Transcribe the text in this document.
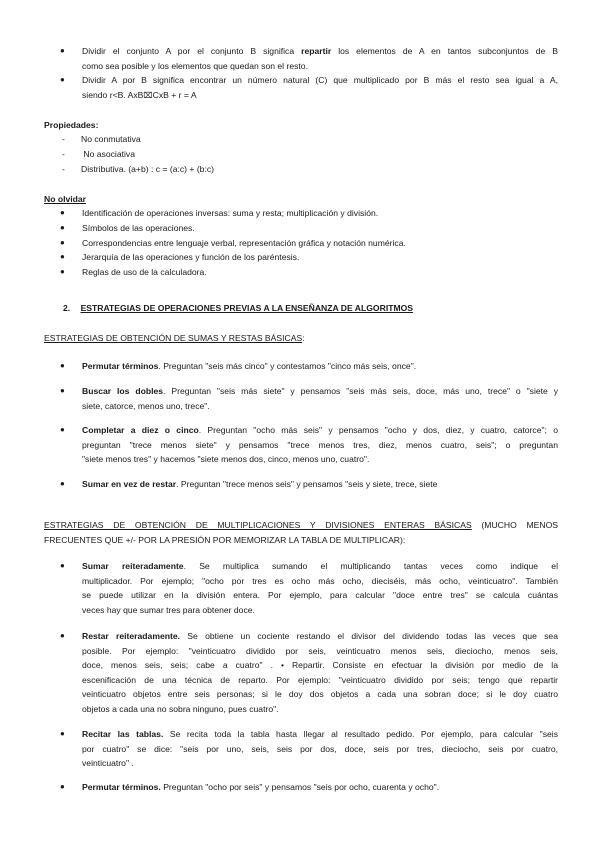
● Dividir el conjunto A por el conjunto B significa repartir los elementos de A en tantos subconjuntos de B
como sea posible y los elementos que quedan son el resto.
● Dividir A por B significa encontrar un número natural (C) que multiplicado por B más el resto sea igual a A,
siendo r<B. AxB⌧CxB + r = A
Propiedades:
- No conmutativa
- No asociativa
- Distributiva. (a+b) : c = (a:c) + (b:c)
No olvidar
● Identificación de operaciones inversas: suma y resta; multiplicación y división.
● Símbolos de las operaciones.
● Correspondencias entre lenguaje verbal, representación gráfica y notación numérica.
● Jerarquía de las operaciones y función de los paréntesis.
● Reglas de uso de la calculadora.
2. ESTRATEGIAS DE OPERACIONES PREVIAS A LA ENSEÑANZA DE ALGORITMOS
ESTRATEGIAS DE OBTENCIÓN DE SUMAS Y RESTAS BÁSICAS:
● Permutar términos. Preguntan "seis más cinco" y contestamos "cinco más seis, once".
● Buscar los dobles. Preguntan "seis más siete" y pensamos "seis más seis, doce, más uno, trece" o "siete y
siete, catorce, menos uno, trece".
● Completar a diez o cinco. Preguntan "ocho más seis" y pensamos "ocho y dos, diez, y cuatro, catorce"; o
preguntan "trece menos siete" y pensamos "trece menos tres, diez, menos cuatro, seis"; o preguntan
"siete menos tres" y hacemos "siete menos dos, cinco, menos uno, cuatro".
● Sumar en vez de restar. Preguntan "trece menos seis" y pensamos "seis y siete, trece, siete
ESTRATEGIAS DE OBTENCIÓN DE MULTIPLICACIONES Y DIVISIONES ENTERAS BÁSICAS (MUCHO MENOS
FRECUENTES QUE +/- POR LA PRESIÓN POR MEMORIZAR LA TABLA DE MULTIPLICAR):
● Sumar reiteradamente. Se multiplica sumando el multiplicando tantas veces como indique el
multiplicador. Por ejemplo; "ocho por tres es ocho más ocho, dieciséis, más ocho, veinticuatro". También
se puede utilizar en la división entera. Por ejemplo, para calcular "doce entre tres" se calcula cuántas
veces hay que sumar tres para obtener doce.
● Restar reiteradamente. Se obtiene un cociente restando el divisor del dividendo todas las veces que sea
posible. Por ejemplo: "veinticuatro dividido por seis, veinticuatro menos seis, dieciocho, menos seis,
doce, menos seis, seis; cabe a cuatro" . • Repartir. Consiste en efectuar la división por medio de la
escenificación de una técnica de reparto. Por ejemplo: "veinticuatro dividido por seis; tengo que repartir
veinticuatro objetos entre seis personas; si le doy dos objetos a cada una sobran doce; si le doy cuatro
objetos a cada una no sobra ninguno, pues cuatro".
● Recitar las tablas. Se recita toda la tabla hasta llegar al resultado pedido. Por ejemplo, para calcular "seis
por cuatro" se dice: "seis por uno, seis, seis por dos, doce, seis por tres, dieciocho, seis por cuatro,
veinticuatro" .
● Permutar términos. Preguntan "ocho por seis" y pensamos "seis por ocho, cuarenta y ocho".
